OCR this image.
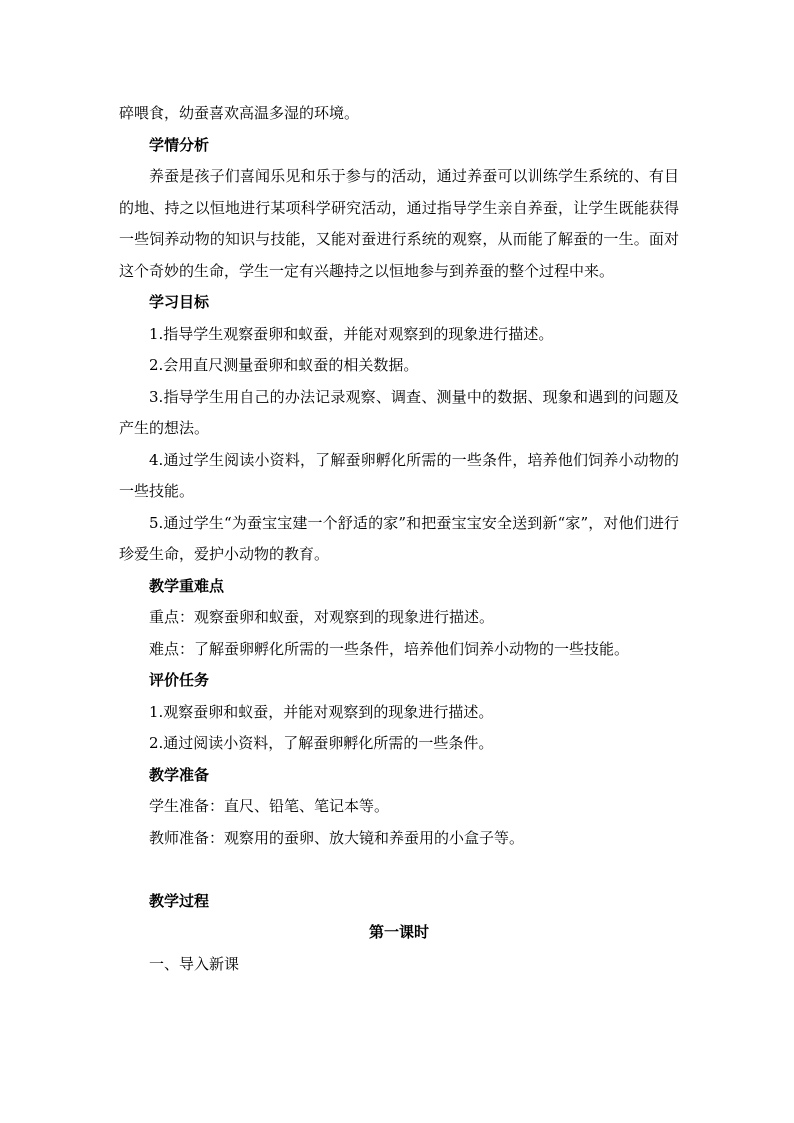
碎喂食，幼蚕喜欢高温多湿的环境。

学情分析

养蚕是孩子们喜闻乐见和乐于参与的活动，通过养蚕可以训练学生系统的、有目的地、持之以恒地进行某项科学研究活动，通过指导学生亲自养蚕，让学生既能获得一些饲养动物的知识与技能，又能对蚕进行系统的观察，从而能了解蚕的一生。面对这个奇妙的生命，学生一定有兴趣持之以恒地参与到养蚕的整个过程中来。

学习目标

1.指导学生观察蚕卵和蚁蚕，并能对观察到的现象进行描述。

2.会用直尺测量蚕卵和蚁蚕的相关数据。

3.指导学生用自己的办法记录观察、调查、测量中的数据、现象和遇到的问题及产生的想法。

4.通过学生阅读小资料，了解蚕卵孵化所需的一些条件，培养他们饲养小动物的一些技能。

5.通过学生“为蚕宝宝建一个舒适的家”和把蚕宝宝安全送到新“家”，对他们进行珍爱生命，爱护小动物的教育。

教学重难点

重点：观察蚕卵和蚁蚕，对观察到的现象进行描述。

难点：了解蚕卵孵化所需的一些条件，培养他们饲养小动物的一些技能。

评价任务

1.观察蚕卵和蚁蚕，并能对观察到的现象进行描述。

2.通过阅读小资料，了解蚕卵孵化所需的一些条件。

教学准备

学生准备：直尺、铅笔、笔记本等。

教师准备：观察用的蚕卵、放大镜和养蚕用的小盒子等。

教学过程

第一课时

一、导入新课
